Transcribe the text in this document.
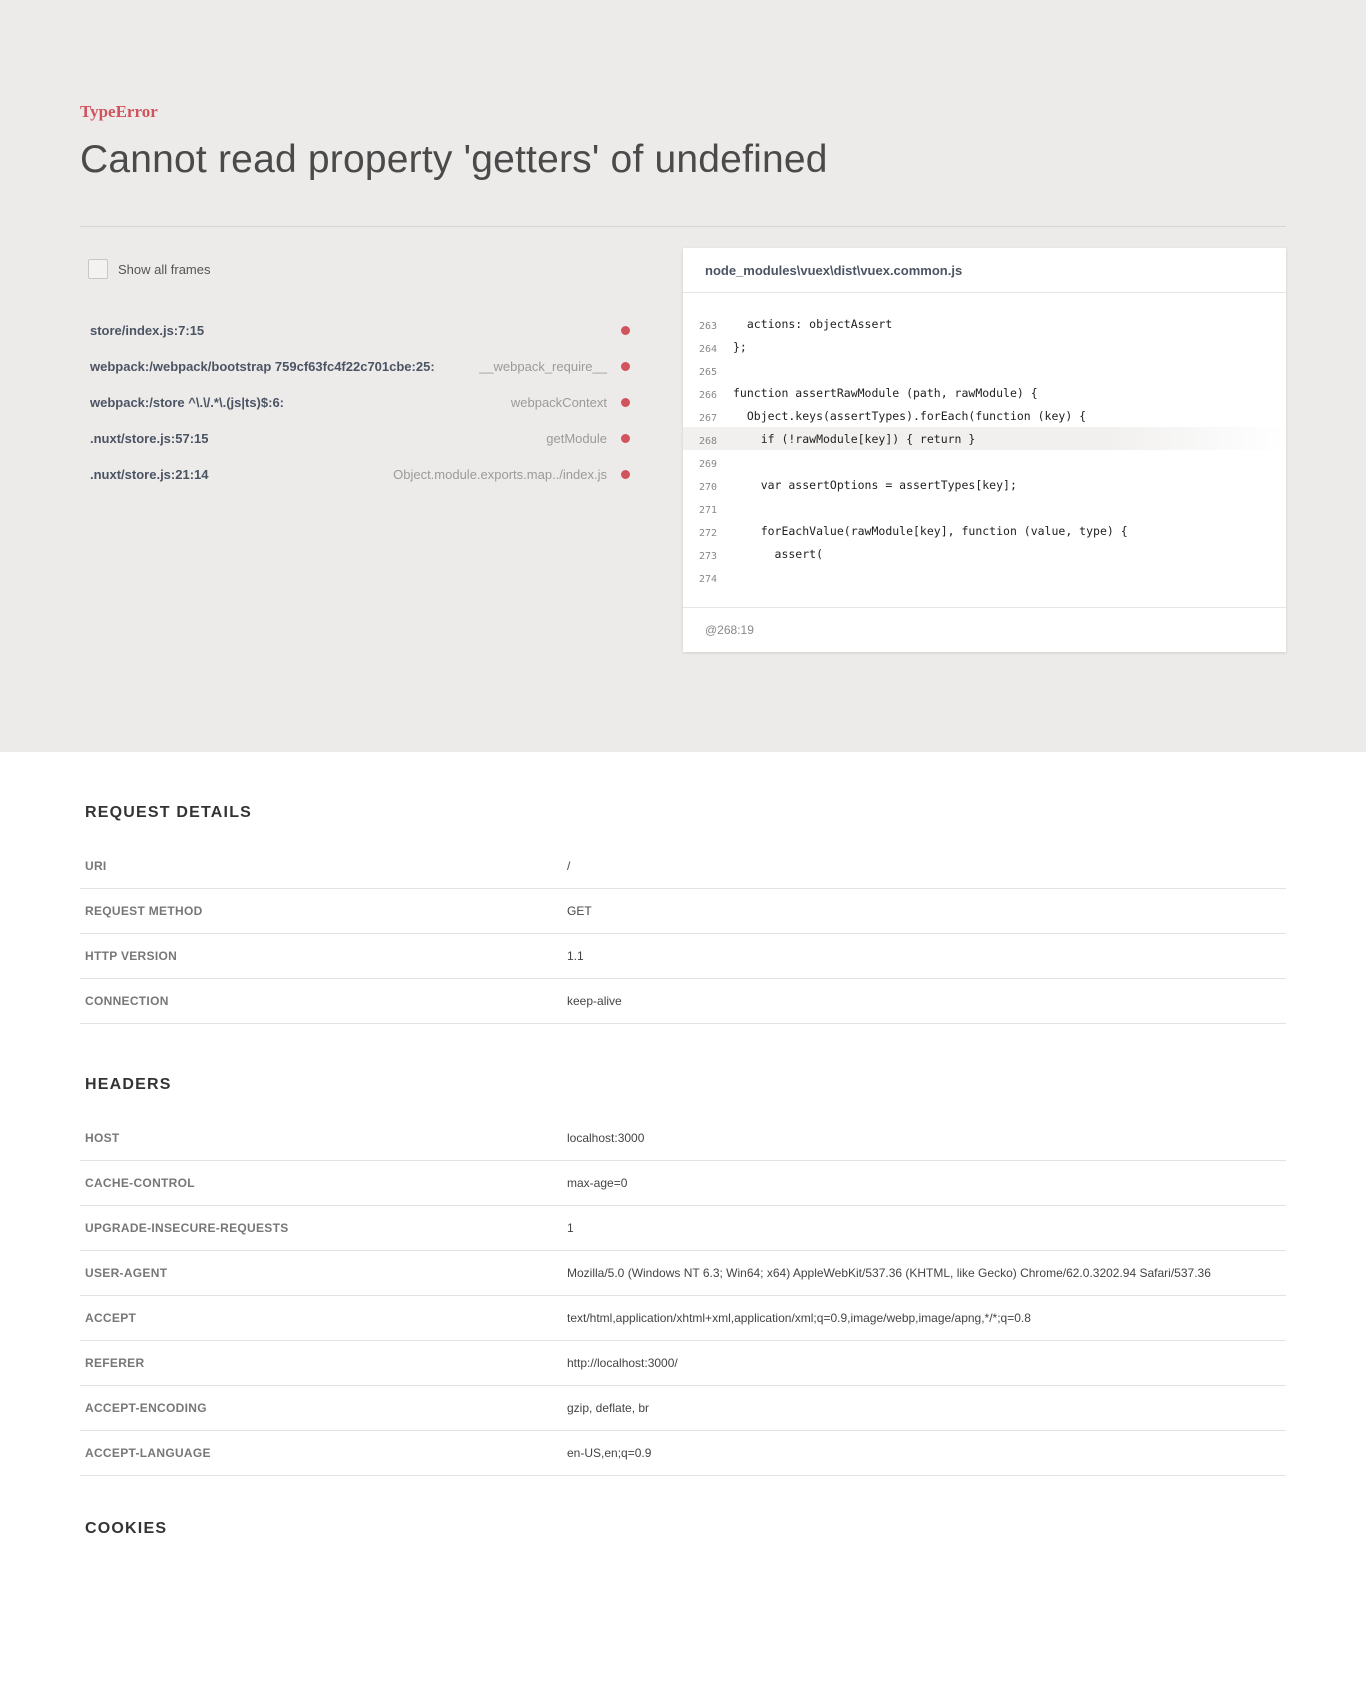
TypeError
Cannot read property 'getters' of undefined
Show all frames
store/index.js:7:15
webpack:/webpack/bootstrap 759cf63fc4f22c701cbe:25:	__webpack_require__
webpack:/store ^\.\/.*\.(js|ts)$:6:	webpackContext
.nuxt/store.js:57:15	getModule
.nuxt/store.js:21:14	Object.module.exports.map../index.js
node_modules\vuex\dist\vuex.common.js
263	actions: objectAssert
264	};
265
266	function assertRawModule (path, rawModule) {
267	Object.keys(assertTypes).forEach(function (key) {
268	if (!rawModule[key]) { return }
269
270	var assertOptions = assertTypes[key];
271
272	forEachValue(rawModule[key], function (value, type) {
273	assert(
274
@268:19
REQUEST DETAILS
URI	/
REQUEST METHOD	GET
HTTP VERSION	1.1
CONNECTION	keep-alive
HEADERS
HOST	localhost:3000
CACHE-CONTROL	max-age=0
UPGRADE-INSECURE-REQUESTS	1
USER-AGENT	Mozilla/5.0 (Windows NT 6.3; Win64; x64) AppleWebKit/537.36 (KHTML, like Gecko) Chrome/62.0.3202.94 Safari/537.36
ACCEPT	text/html,application/xhtml+xml,application/xml;q=0.9,image/webp,image/apng,*/*;q=0.8
REFERER	http://localhost:3000/
ACCEPT-ENCODING	gzip, deflate, br
ACCEPT-LANGUAGE	en-US,en;q=0.9
COOKIES
